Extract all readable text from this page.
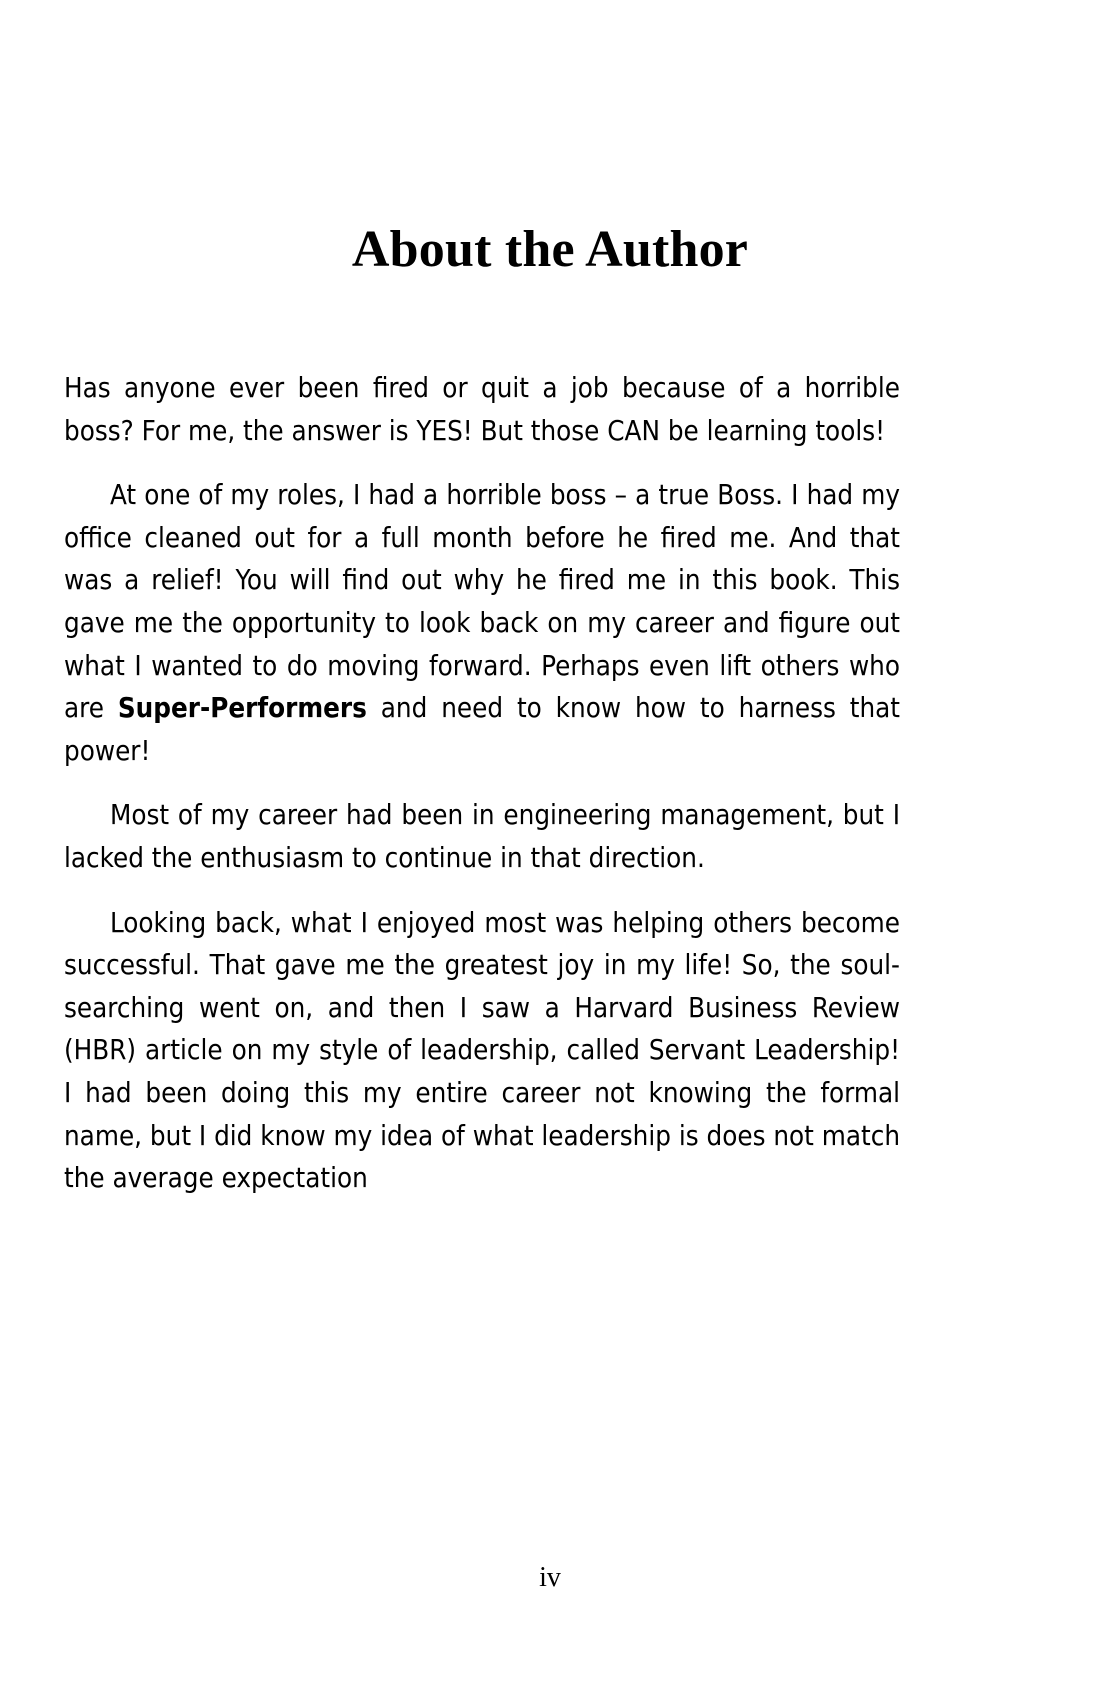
About the Author

Has anyone ever been fired or quit a job because of a horrible boss? For me, the answer is YES! But those CAN be learning tools!

At one of my roles, I had a horrible boss – a true Boss. I had my office cleaned out for a full month before he fired me. And that was a relief! You will find out why he fired me in this book. This gave me the opportunity to look back on my career and figure out what I wanted to do moving forward. Perhaps even lift others who are Super-Performers and need to know how to harness that power!

Most of my career had been in engineering management, but I lacked the enthusiasm to continue in that direction.

Looking back, what I enjoyed most was helping others become successful. That gave me the greatest joy in my life! So, the soul-searching went on, and then I saw a Harvard Business Review (HBR) article on my style of leadership, called Servant Leadership! I had been doing this my entire career not knowing the formal name, but I did know my idea of what leadership is does not match the average expectation

iv
